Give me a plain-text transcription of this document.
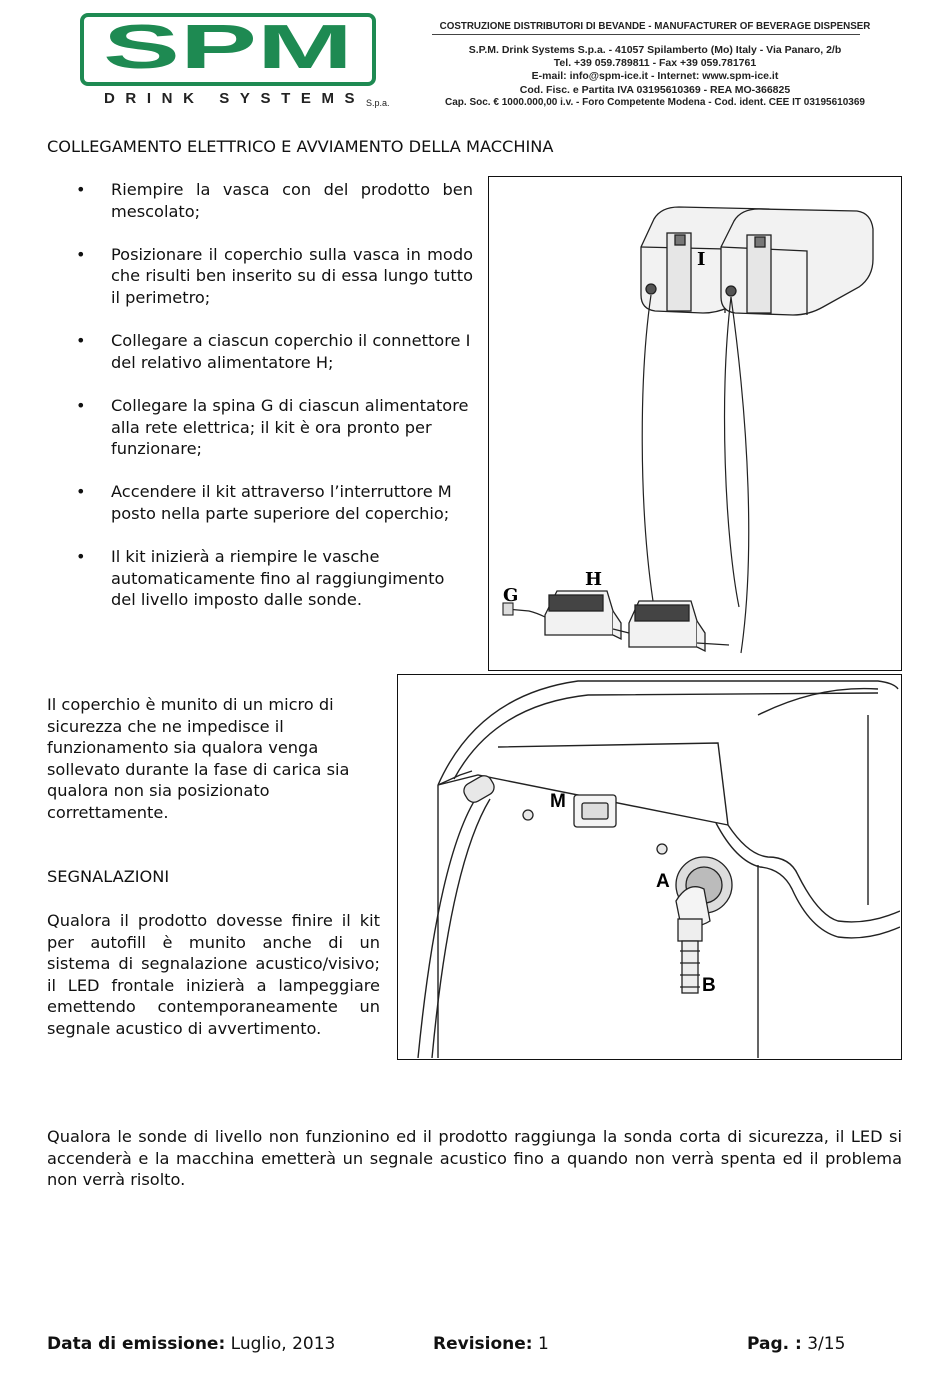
SPM
DRINK SYSTEMS S.p.a.
COSTRUZIONE DISTRIBUTORI DI BEVANDE - MANUFACTURER OF BEVERAGE DISPENSER
S.P.M. Drink Systems S.p.a. - 41057 Spilamberto (Mo) Italy - Via Panaro, 2/b
Tel. +39 059.789811 - Fax +39 059.781761
E-mail: info@spm-ice.it - Internet: www.spm-ice.it
Cod. Fisc. e Partita IVA 03195610369 - REA MO-366825
Cap. Soc. € 1000.000,00 i.v. - Foro Competente Modena - Cod. ident. CEE IT 03195610369
COLLEGAMENTO ELETTRICO E AVVIAMENTO DELLA MACCHINA
• Riempire la vasca con del prodotto ben mescolato;
• Posizionare il coperchio sulla vasca in modo che risulti ben inserito su di essa lungo tutto il perimetro;
• Collegare a ciascun coperchio il connettore I del relativo alimentatore H;
• Collegare la spina G di ciascun alimentatore alla rete elettrica; il kit è ora pronto per funzionare;
• Accendere il kit attraverso l’interruttore M posto nella parte superiore del coperchio;
• Il kit inizierà a riempire le vasche automaticamente fino al raggiungimento del livello imposto dalle sonde.
I
G
H
Il coperchio è munito di un micro di sicurezza che ne impedisce il funzionamento sia qualora venga sollevato durante la fase di carica sia qualora non sia posizionato correttamente.
M
A
B
SEGNALAZIONI
Qualora il prodotto dovesse finire il kit per autofill è munito anche di un sistema di segnalazione acustico/visivo; il LED frontale inizierà a lampeggiare emettendo contemporaneamente un segnale acustico di avvertimento.
Qualora le sonde di livello non funzionino ed il prodotto raggiunga la sonda corta di sicurezza, il LED si accenderà e la macchina emetterà un segnale acustico fino a quando non verrà spenta ed il problema non verrà risolto.
Data di emissione: Luglio, 2013	Revisione: 1	Pag. : 3/15
